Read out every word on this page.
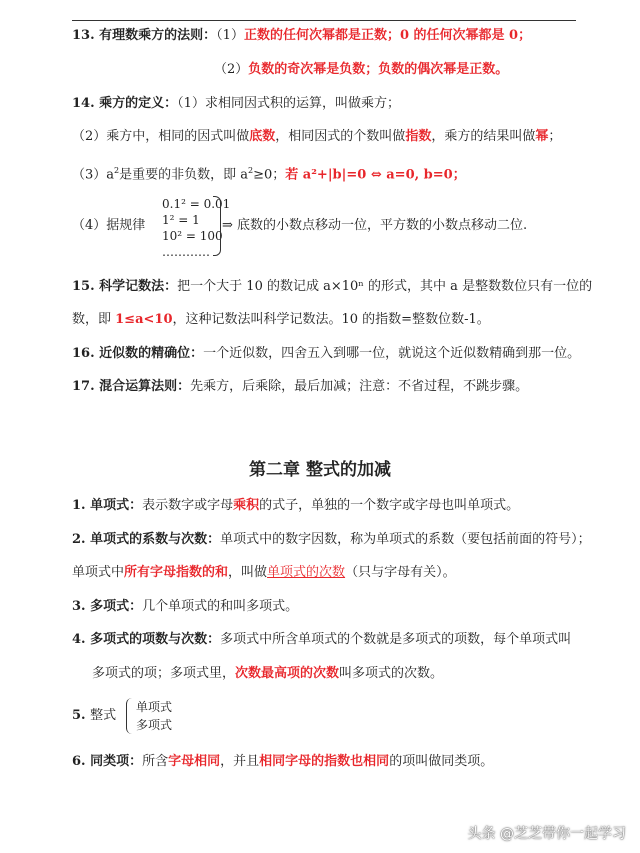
13. 有理数乘方的法则：（1）正数的任何次幂都是正数；0 的任何次幂都是 0；
（2）负数的奇次幂是负数；负数的偶次幂是正数。
14. 乘方的定义：（1）求相同因式积的运算，叫做乘方；
（2）乘方中，相同的因式叫做底数，相同因式的个数叫做指数，乘方的结果叫做幂；
$(3)a^2$是重要的非负数，即 $a^2\ge 0$；若 a²+|b|=0 ⇔ a=0, b=0；
（4）据规律
0.1² = 0.01
1² = 1
10² = 100
…………
⇒ 底数的小数点移动一位，平方数的小数点移动二位.
15. 科学记数法：把一个大于 10 的数记成 a×10ⁿ 的形式，其中 a 是整数数位只有一位的
数，即 1≤a<10，这种记数法叫科学记数法。10 的指数=整数位数-1。
16. 近似数的精确位：一个近似数，四舍五入到哪一位，就说这个近似数精确到那一位。
17. 混合运算法则：先乘方，后乘除，最后加减；注意：不省过程，不跳步骤。
第二章 整式的加减
1. 单项式：表示数字或字母乘积的式子，单独的一个数字或字母也叫单项式。
2. 单项式的系数与次数：单项式中的数字因数，称为单项式的系数（要包括前面的符号）；
单项式中所有字母指数的和，叫做单项式的次数（只与字母有关）。
3. 多项式：几个单项式的和叫多项式。
4. 多项式的项数与次数：多项式中所含单项式的个数就是多项式的项数，每个单项式叫
多项式的项；多项式里，次数最高项的次数叫多项式的次数。
5. 整式
单项式
多项式
6. 同类项：所含字母相同，并且相同字母的指数也相同的项叫做同类项。
头条 @芝芝带你一起学习
